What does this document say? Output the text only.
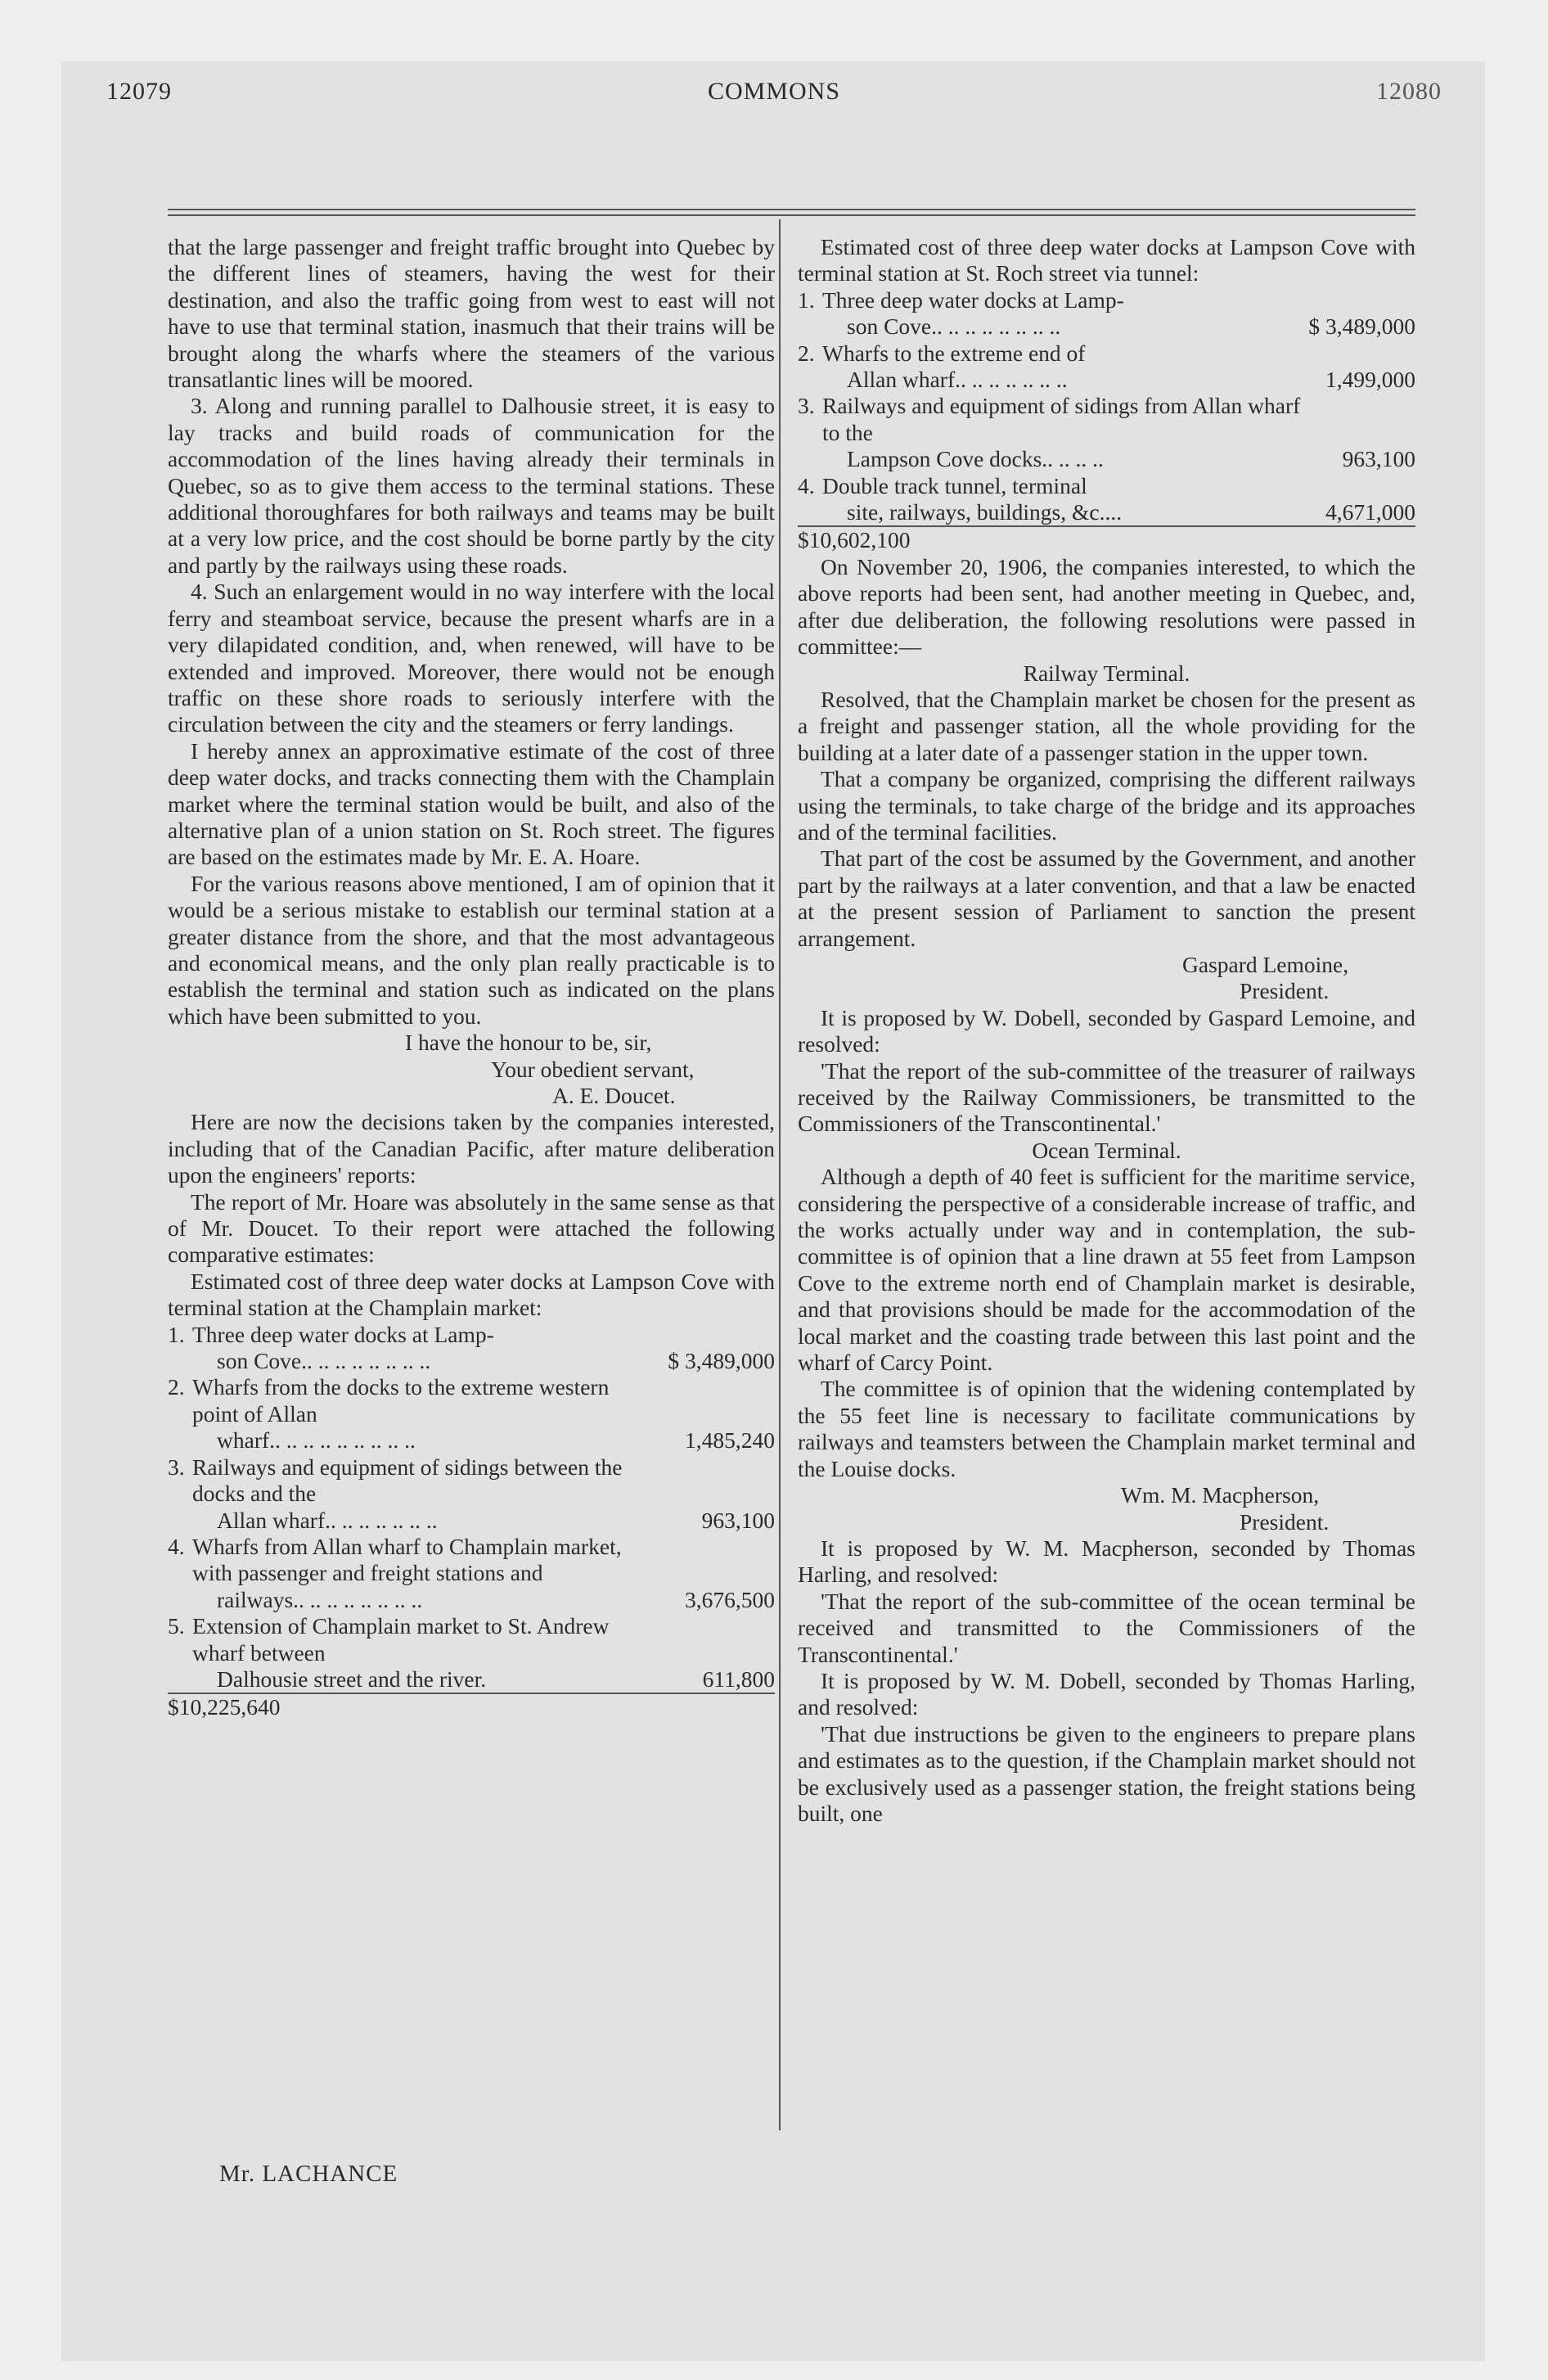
12079	COMMONS	12080

that the large passenger and freight traffic brought into Quebec by the different lines of steamers, having the west for their destination, and also the traffic going from west to east will not have to use that terminal station, inasmuch that their trains will be brought along the wharfs where the steamers of the various transatlantic lines will be moored.

3. Along and running parallel to Dalhousie street, it is easy to lay tracks and build roads of communication for the accommodation of the lines having already their terminals in Quebec, so as to give them access to the terminal stations. These additional thoroughfares for both railways and teams may be built at a very low price, and the cost should be borne partly by the city and partly by the railways using these roads.

4. Such an enlargement would in no way interfere with the local ferry and steamboat service, because the present wharfs are in a very dilapidated condition, and, when renewed, will have to be extended and improved. Moreover, there would not be enough traffic on these shore roads to seriously interfere with the circulation between the city and the steamers or ferry landings.

I hereby annex an approximative estimate of the cost of three deep water docks, and tracks connecting them with the Champlain market where the terminal station would be built, and also of the alternative plan of a union station on St. Roch street. The figures are based on the estimates made by Mr. E. A. Hoare.

For the various reasons above mentioned, I am of opinion that it would be a serious mistake to establish our terminal station at a greater distance from the shore, and that the most advantageous and economical means, and the only plan really practicable is to establish the terminal and station such as indicated on the plans which have been submitted to you.

I have the honour to be, sir,

Your obedient servant,

A. E. Doucet.

Here are now the decisions taken by the companies interested, including that of the Canadian Pacific, after mature deliberation upon the engineers' reports:

The report of Mr. Hoare was absolutely in the same sense as that of Mr. Doucet. To their report were attached the following comparative estimates:

Estimated cost of three deep water docks at Lampson Cove with terminal station at the Champlain market:

1. Three deep water docks at Lamp-
son Cove.. .. .. .. .. .. .. ..	$ 3,489,000
2. Wharfs from the docks to the extreme western point of Allan
wharf.. .. .. .. .. .. .. .. ..	1,485,240
3. Railways and equipment of sidings between the docks and the
Allan wharf.. .. .. .. .. .. ..	963,100
4. Wharfs from Allan wharf to Champlain market, with passenger and freight stations and
railways.. .. .. .. .. .. .. ..	3,676,500
5. Extension of Champlain market to St. Andrew wharf between
Dalhousie street and the river.	611,800

$10,225,640

Estimated cost of three deep water docks at Lampson Cove with terminal station at St. Roch street via tunnel:

1. Three deep water docks at Lamp-
son Cove.. .. .. .. .. .. .. ..	$ 3,489,000
2. Wharfs to the extreme end of
Allan wharf.. .. .. .. .. .. ..	1,499,000
3. Railways and equipment of sidings from Allan wharf to the
Lampson Cove docks.. .. .. ..	963,100
4. Double track tunnel, terminal
site, railways, buildings, &c....	4,671,000

$10,602,100

On November 20, 1906, the companies interested, to which the above reports had been sent, had another meeting in Quebec, and, after due deliberation, the following resolutions were passed in committee:—

Railway Terminal.

Resolved, that the Champlain market be chosen for the present as a freight and passenger station, all the whole providing for the building at a later date of a passenger station in the upper town.

That a company be organized, comprising the different railways using the terminals, to take charge of the bridge and its approaches and of the terminal facilities.

That part of the cost be assumed by the Government, and another part by the railways at a later convention, and that a law be enacted at the present session of Parliament to sanction the present arrangement.

Gaspard Lemoine,

President.

It is proposed by W. Dobell, seconded by Gaspard Lemoine, and resolved:

'That the report of the sub-committee of the treasurer of railways received by the Railway Commissioners, be transmitted to the Commissioners of the Transcontinental.'

Ocean Terminal.

Although a depth of 40 feet is sufficient for the maritime service, considering the perspective of a considerable increase of traffic, and the works actually under way and in contemplation, the sub-committee is of opinion that a line drawn at 55 feet from Lampson Cove to the extreme north end of Champlain market is desirable, and that provisions should be made for the accommodation of the local market and the coasting trade between this last point and the wharf of Carcy Point.

The committee is of opinion that the widening contemplated by the 55 feet line is necessary to facilitate communications by railways and teamsters between the Champlain market terminal and the Louise docks.

Wm. M. Macpherson,

President.

It is proposed by W. M. Macpherson, seconded by Thomas Harling, and resolved:

'That the report of the sub-committee of the ocean terminal be received and transmitted to the Commissioners of the Transcontinental.'

It is proposed by W. M. Dobell, seconded by Thomas Harling, and resolved:

'That due instructions be given to the engineers to prepare plans and estimates as to the question, if the Champlain market should not be exclusively used as a passenger station, the freight stations being built, one

Mr. LACHANCE
